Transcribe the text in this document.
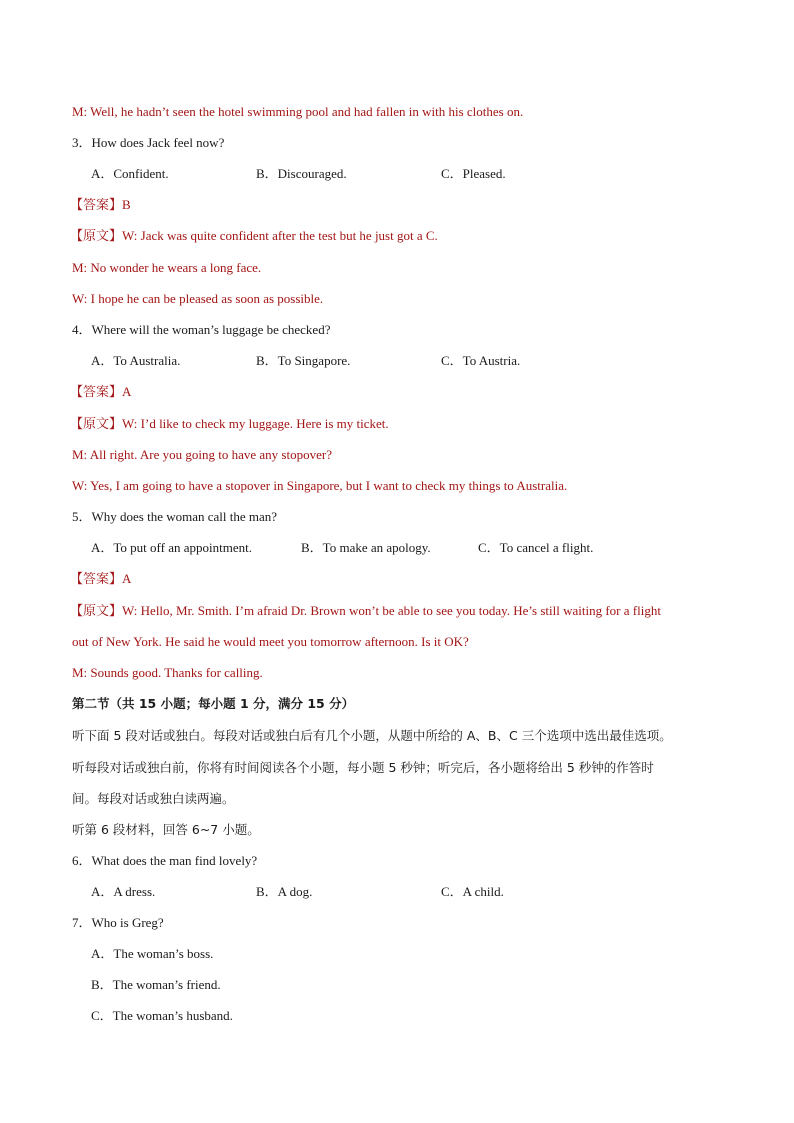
M: Well, he hadn’t seen the hotel swimming pool and had fallen in with his clothes on.
3．How does Jack feel now?
A．Confident.	B．Discouraged.	C．Pleased.
【答案】B
【原文】W: Jack was quite confident after the test but he just got a C.
M: No wonder he wears a long face.
W: I hope he can be pleased as soon as possible.
4．Where will the woman’s luggage be checked?
A．To Australia.	B．To Singapore.	C．To Austria.
【答案】A
【原文】W: I’d like to check my luggage. Here is my ticket.
M: All right. Are you going to have any stopover?
W: Yes, I am going to have a stopover in Singapore, but I want to check my things to Australia.
5．Why does the woman call the man?
A．To put off an appointment.	B．To make an apology.	C．To cancel a flight.
【答案】A
【原文】W: Hello, Mr. Smith. I’m afraid Dr. Brown won’t be able to see you today. He’s still waiting for a flight
out of New York. He said he would meet you tomorrow afternoon. Is it OK?
M: Sounds good. Thanks for calling.
第二节（共 15 小题；每小题 1 分，满分 15 分）
听下面 5 段对话或独白。每段对话或独白后有几个小题，从题中所给的 A、B、C 三个选项中选出最佳选项。
听每段对话或独白前，你将有时间阅读各个小题，每小题 5 秒钟；听完后，各小题将给出 5 秒钟的作答时
间。每段对话或独白读两遍。
听第 6 段材料，回答 6~7 小题。
6．What does the man find lovely?
A．A dress.	B．A dog.	C．A child.
7．Who is Greg?
A．The woman’s boss.
B．The woman’s friend.
C．The woman’s husband.
